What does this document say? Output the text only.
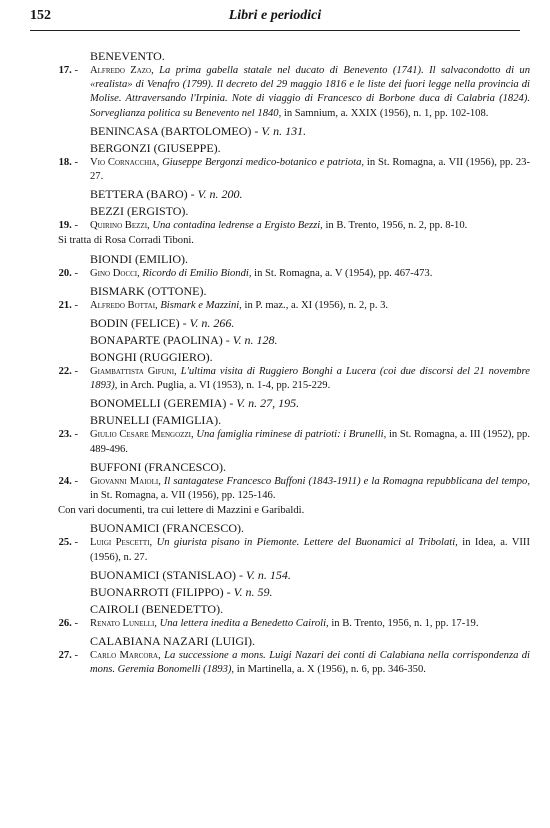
152	Libri e periodici
BENEVENTO.
17. - Alfredo Zazo, La prima gabella statale nel ducato di Benevento (1741). Il salvacondotto di un «realista» di Venafro (1799). Il decreto del 29 maggio 1816 e le liste dei fuori legge nella provincia di Molise. Attraversando l'Irpinia. Note di viaggio di Francesco di Borbone duca di Calabria (1824). Sorveglianza politica su Benevento nel 1840, in Samnium, a. XXIX (1956), n. 1, pp. 102-108.
BENINCASA (BARTOLOMEO) - V. n. 131.
BERGONZI (GIUSEPPE).
18. - Vio Cornacchia, Giuseppe Bergonzi medico-botanico e patriota, in St. Romagna, a. VII (1956), pp. 23-27.
BETTERA (BARO) - V. n. 200.
BEZZI (ERGISTO).
19. - Quirino Bezzi, Una contadina ledrense a Ergisto Bezzi, in B. Trento, 1956, n. 2, pp. 8-10.
Si tratta di Rosa Corradi Tiboni.
BIONDI (EMILIO).
20. - Gino Docci, Ricordo di Emilio Biondi, in St. Romagna, a. V (1954), pp. 467-473.
BISMARK (OTTONE).
21. - Alfredo Bottai, Bismark e Mazzini, in P. maz., a. XI (1956), n. 2, p. 3.
BODIN (FELICE) - V. n. 266.
BONAPARTE (PAOLINA) - V. n. 128.
BONGHI (RUGGIERO).
22. - Giambattista Gifuni, L'ultima visita di Ruggiero Bonghi a Lucera (coi due discorsi del 21 novembre 1893), in Arch. Puglia, a. VI (1953), n. 1-4, pp. 215-229.
BONOMELLI (GEREMIA) - V. n. 27, 195.
BRUNELLI (FAMIGLIA).
23. - Giulio Cesare Mengozzi, Una famiglia riminese di patrioti: i Brunelli, in St. Romagna, a. III (1952), pp. 489-496.
BUFFONI (FRANCESCO).
24. - Giovanni Maioli, Il santagatese Francesco Buffoni (1843-1911) e la Romagna repubblicana del tempo, in St. Romagna, a. VII (1956), pp. 125-146.
Con vari documenti, tra cui lettere di Mazzini e Garibaldi.
BUONAMICI (FRANCESCO).
25. - Luigi Pescetti, Un giurista pisano in Piemonte. Lettere del Buonamici al Tribolati, in Idea, a. VIII (1956), n. 27.
BUONAMICI (STANISLAO) - V. n. 154.
BUONARROTI (FILIPPO) - V. n. 59.
CAIROLI (BENEDETTO).
26. - Renato Lunelli, Una lettera inedita a Benedetto Cairoli, in B. Trento, 1956, n. 1, pp. 17-19.
CALABIANA NAZARI (LUIGI).
27. - Carlo Marcora, La successione a mons. Luigi Nazari dei conti di Calabiana nella corrispondenza di mons. Geremia Bonomelli (1893), in Martinella, a. X (1956), n. 6, pp. 346-350.
